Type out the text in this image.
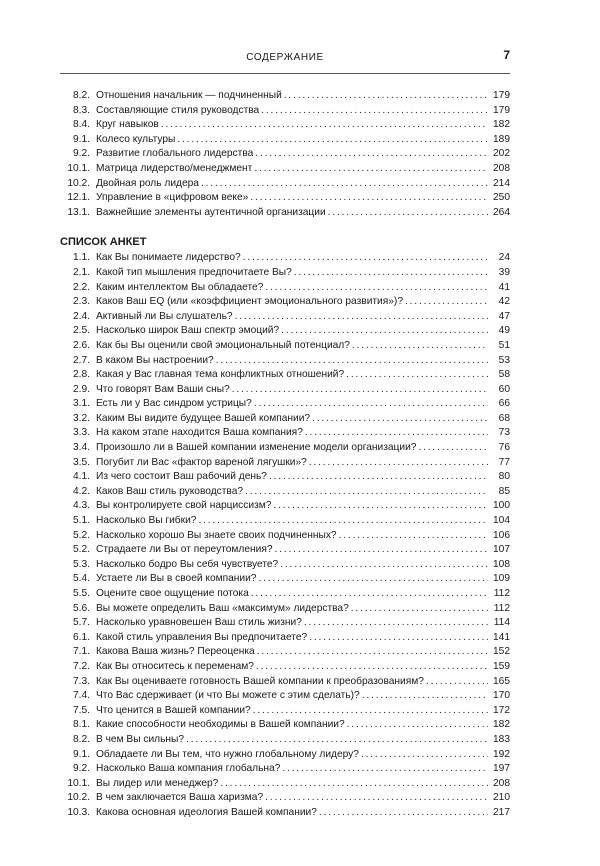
СОДЕРЖАНИЕ	7
8.2. Отношения начальник — подчиненный . . .	179
8.3. Составляющие стиля руководства . . .	179
8.4. Круг навыков . . .	182
9.1. Колесо культуры . . .	189
9.2. Развитие глобального лидерства . . .	202
10.1. Матрица лидерство/менеджмент . . .	208
10.2. Двойная роль лидера . . .	214
12.1. Управление в «цифровом веке» . . .	250
13.1. Важнейшие элементы аутентичной организации . . .	264
СПИСОК АНКЕТ
1.1. Как Вы понимаете лидерство? . . .	24
2.1. Какой тип мышления предпочитаете Вы? . . .	39
2.2. Каким интеллектом Вы обладаете? . . .	41
2.3. Каков Ваш EQ (или «коэффициент эмоционального развития»)? . . .	42
2.4. Активный ли Вы слушатель? . . .	47
2.5. Насколько широк Ваш спектр эмоций? . . .	49
2.6. Как бы Вы оценили свой эмоциональный потенциал? . . .	51
2.7. В каком Вы настроении? . . .	53
2.8. Какая у Вас главная тема конфликтных отношений? . . .	58
2.9. Что говорят Вам Ваши сны? . . .	60
3.1. Есть ли у Вас синдром устрицы? . . .	66
3.2. Каким Вы видите будущее Вашей компании? . . .	68
3.3. На каком этапе находится Ваша компания? . . .	73
3.4. Произошло ли в Вашей компании изменение модели организации? . . .	76
3.5. Погубит ли Вас «фактор вареной лягушки»? . . .	77
4.1. Из чего состоит Ваш рабочий день? . . .	80
4.2. Каков Ваш стиль руководства? . . .	85
4.3. Вы контролируете свой нарциссизм? . . .	100
5.1. Насколько Вы гибки? . . .	104
5.2. Насколько хорошо Вы знаете своих подчиненных? . . .	106
5.2. Страдаете ли Вы от переутомления? . . .	107
5.3. Насколько бодро Вы себя чувствуете? . . .	108
5.4. Устаете ли Вы в своей компании? . . .	109
5.5. Оцените свое ощущение потока . . .	112
5.6. Вы можете определить Ваш «максимум» лидерства? . . .	112
5.7. Насколько уравновешен Ваш стиль жизни? . . .	114
6.1. Какой стиль управления Вы предпочитаете? . . .	141
7.1. Какова Ваша жизнь? Переоценка . . .	152
7.2. Как Вы относитесь к переменам? . . .	159
7.3. Как Вы оцениваете готовность Вашей компании к преобразованиям? . . .	165
7.4. Что Вас сдерживает (и что Вы можете с этим сделать)? . . .	170
7.5. Что ценится в Вашей компании? . . .	172
8.1. Какие способности необходимы в Вашей компании? . . .	182
8.2. В чем Вы сильны? . . .	183
9.1. Обладаете ли Вы тем, что нужно глобальному лидеру? . . .	192
9.2. Насколько Ваша компания глобальна? . . .	197
10.1. Вы лидер или менеджер? . . .	208
10.2. В чем заключается Ваша харизма? . . .	210
10.3. Какова основная идеология Вашей компании? . . .	217
